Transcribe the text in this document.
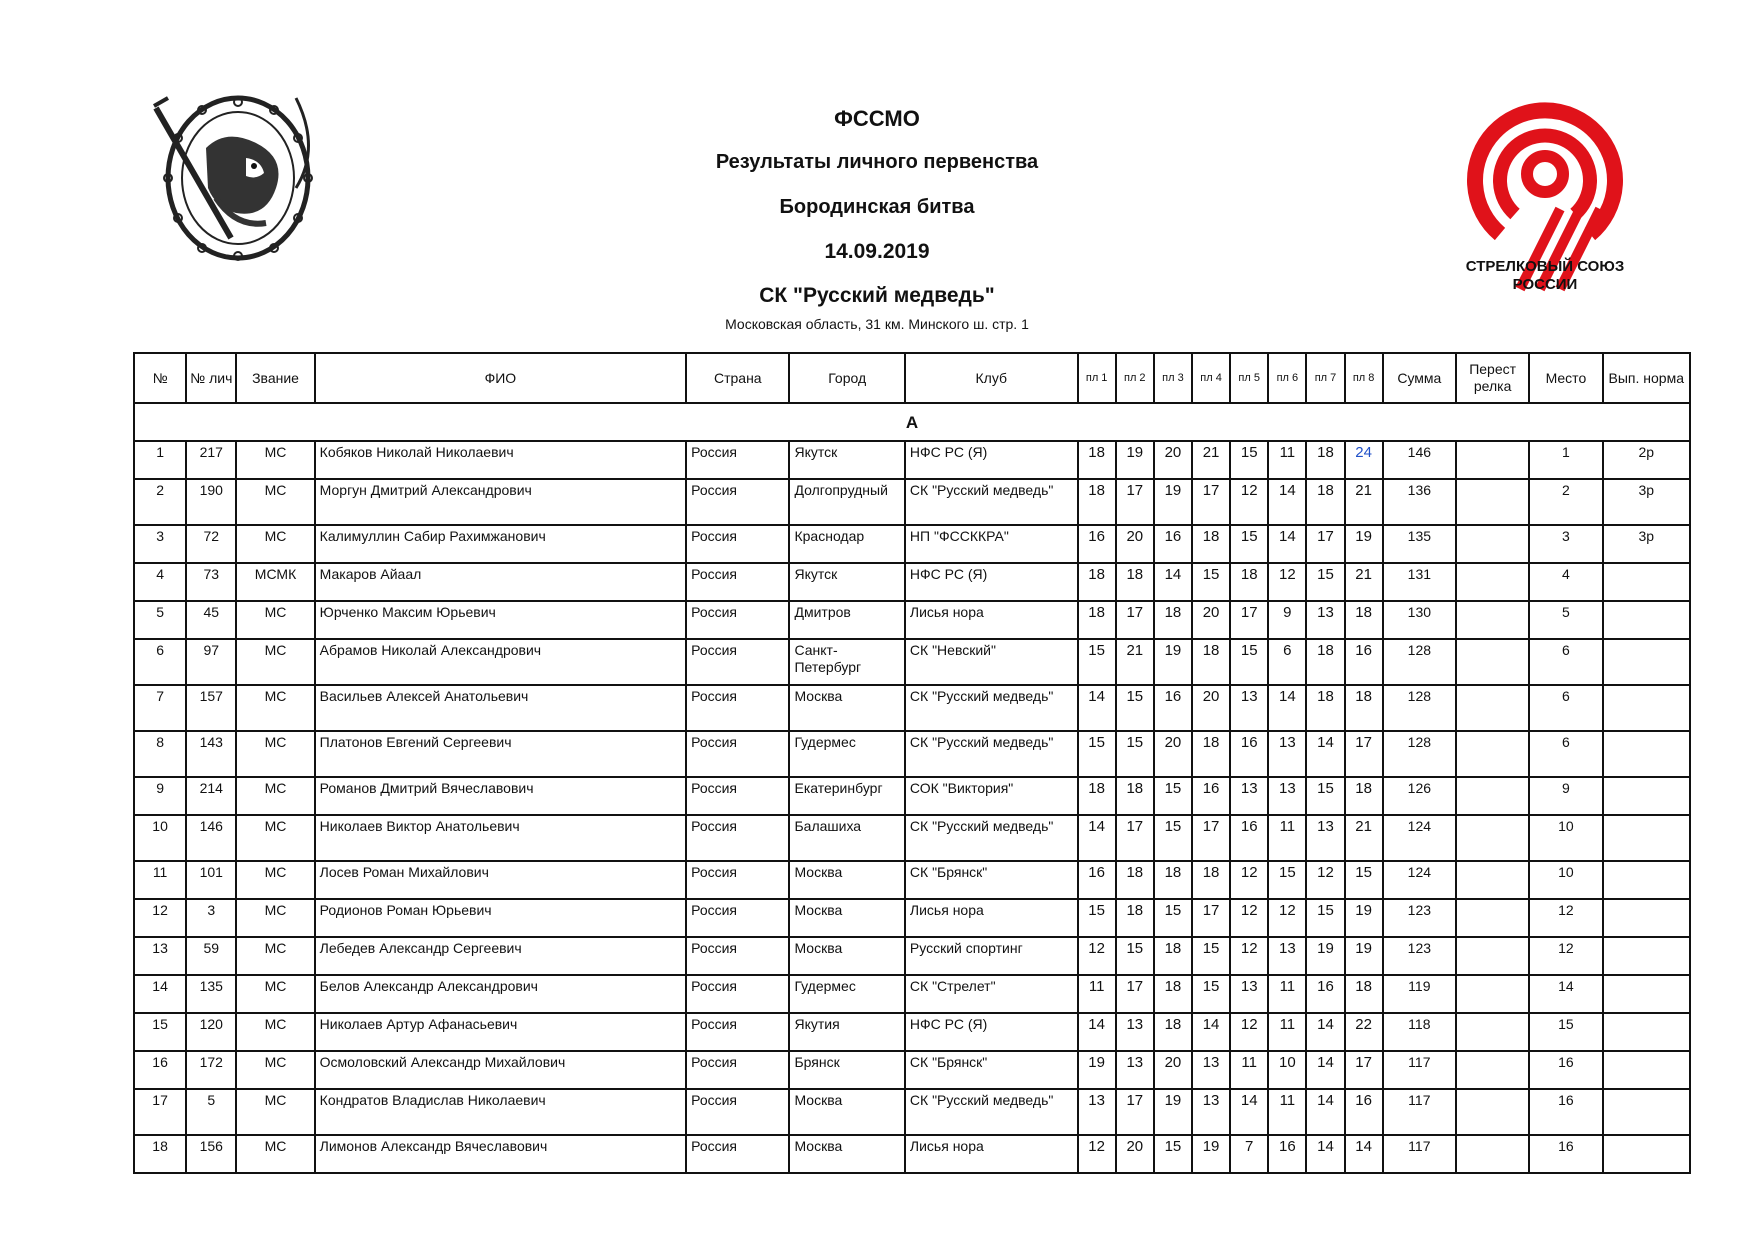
ФССМО
Результаты личного первенства
Бородинская битва
14.09.2019
СК "Русский медведь"
Московская область, 31 км. Минского ш. стр. 1
СТРЕЛКОВЫЙ СОЮЗ
РОССИИ
№	№ лич	Звание	ФИО	Страна	Город	Клуб	пл 1	пл 2	пл 3	пл 4	пл 5	пл 6	пл 7	пл 8	Сумма	Перест релка	Место	Вып. норма
А																		
1	217	МС	Кобяков Николай Николаевич	Россия	Якутск	НФС РС (Я)	18	19	20	21	15	11	18	24	146		1	2р
2	190	МС	Моргун Дмитрий Александрович	Россия	Долгопрудный	СК "Русский медведь"	18	17	19	17	12	14	18	21	136		2	3р
3	72	МС	Калимуллин Сабир Рахимжанович	Россия	Краснодар	НП "ФССККРА"	16	20	16	18	15	14	17	19	135		3	3р
4	73	МСМК	Макаров Айаал	Россия	Якутск	НФС РС (Я)	18	18	14	15	18	12	15	21	131		4	
5	45	МС	Юрченко Максим Юрьевич	Россия	Дмитров	Лисья нора	18	17	18	20	17	9	13	18	130		5	
6	97	МС	Абрамов Николай Александрович	Россия	Санкт-Петербург	СК "Невский"	15	21	19	18	15	6	18	16	128		6	
7	157	МС	Васильев Алексей Анатольевич	Россия	Москва	СК "Русский медведь"	14	15	16	20	13	14	18	18	128		6	
8	143	МС	Платонов Евгений Сергеевич	Россия	Гудермес	СК "Русский медведь"	15	15	20	18	16	13	14	17	128		6	
9	214	МС	Романов Дмитрий Вячеславович	Россия	Екатеринбург	СОК "Виктория"	18	18	15	16	13	13	15	18	126		9	
10	146	МС	Николаев Виктор Анатольевич	Россия	Балашиха	СК "Русский медведь"	14	17	15	17	16	11	13	21	124		10	
11	101	МС	Лосев Роман Михайлович	Россия	Москва	СК "Брянск"	16	18	18	18	12	15	12	15	124		10	
12	3	МС	Родионов Роман Юрьевич	Россия	Москва	Лисья нора	15	18	15	17	12	12	15	19	123		12	
13	59	МС	Лебедев Александр Сергеевич	Россия	Москва	Русский спортинг	12	15	18	15	12	13	19	19	123		12	
14	135	МС	Белов Александр Александрович	Россия	Гудермес	СК "Стрелет"	11	17	18	15	13	11	16	18	119		14	
15	120	МС	Николаев Артур Афанасьевич	Россия	Якутия	НФС РС (Я)	14	13	18	14	12	11	14	22	118		15	
16	172	МС	Осмоловский Александр Михайлович	Россия	Брянск	СК "Брянск"	19	13	20	13	11	10	14	17	117		16	
17	5	МС	Кондратов Владислав Николаевич	Россия	Москва	СК "Русский медведь"	13	17	19	13	14	11	14	16	117		16	
18	156	МС	Лимонов Александр Вячеславович	Россия	Москва	Лисья нора	12	20	15	19	7	16	14	14	117		16	
